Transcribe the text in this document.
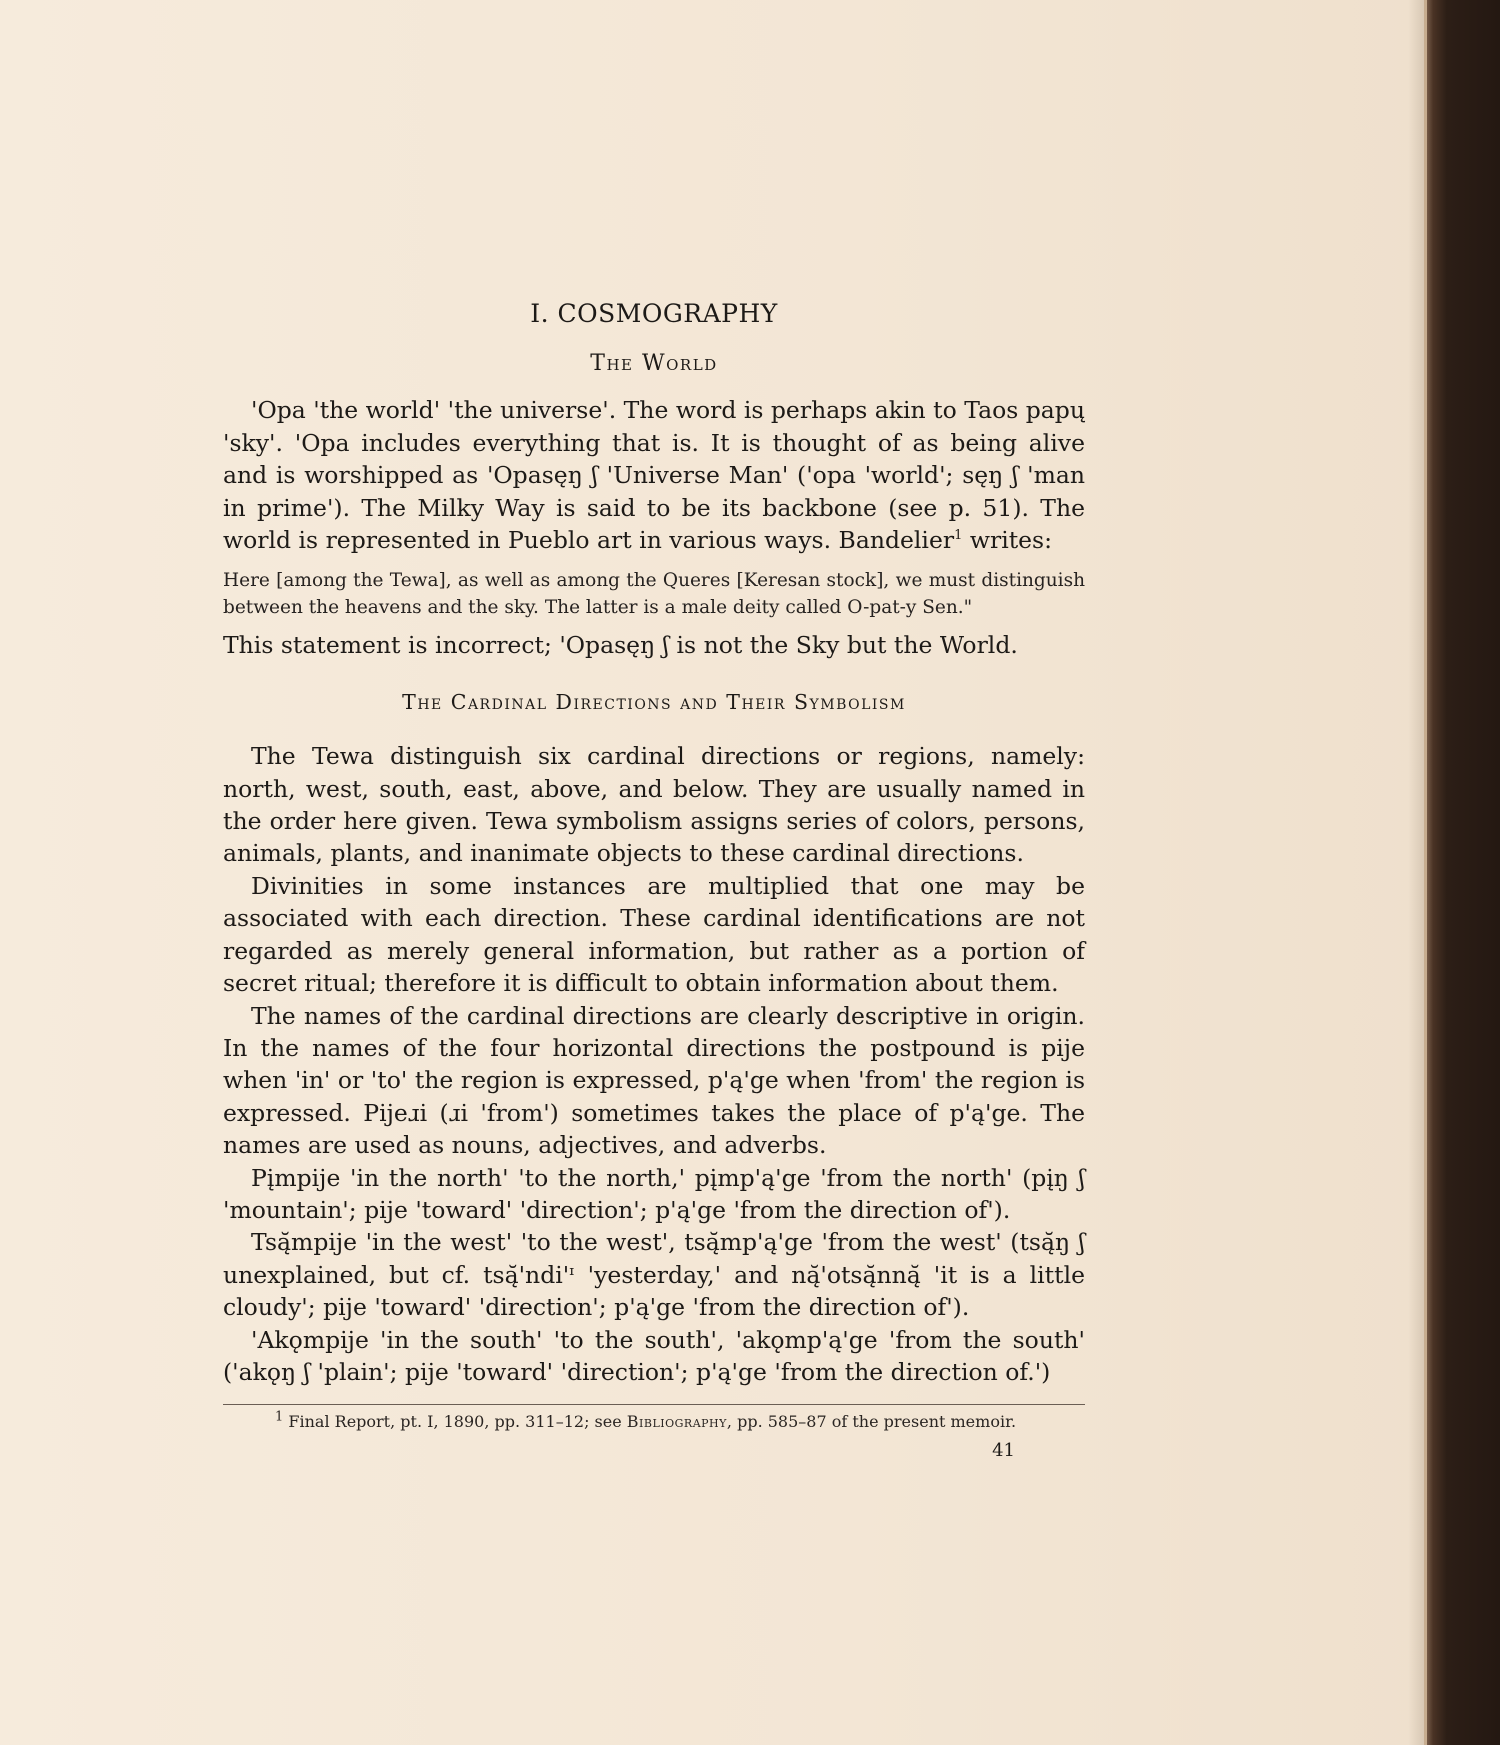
I. COSMOGRAPHY
The World

'Opa 'the world' 'the universe'. The word is perhaps akin to Taos papų 'sky'. 'Opa includes everything that is. It is thought of as being alive and is worshipped as 'Opasęŋ ʃ 'Universe Man' ('opa 'world'; sęŋ ʃ 'man in prime'). The Milky Way is said to be its backbone (see p. 51). The world is represented in Pueblo art in various ways. Bandelier$^1$ writes:

Here [among the Tewa], as well as among the Queres [Keresan stock], we must distinguish between the heavens and the sky. The latter is a male deity called O-pat-y Sen."

This statement is incorrect; 'Opasęŋ ʃ is not the Sky but the World.

The Cardinal Directions and Their Symbolism

The Tewa distinguish six cardinal directions or regions, namely: north, west, south, east, above, and below. They are usually named in the order here given. Tewa symbolism assigns series of colors, persons, animals, plants, and inanimate objects to these cardinal directions.

Divinities in some instances are multiplied that one may be associated with each direction. These cardinal identifications are not regarded as merely general information, but rather as a portion of secret ritual; therefore it is difficult to obtain information about them.

The names of the cardinal directions are clearly descriptive in origin. In the names of the four horizontal directions the postpound is pije when 'in' or 'to' the region is expressed, p'ą'ge when 'from' the region is expressed. Pijeɹi (ɹi 'from') sometimes takes the place of p'ą'ge. The names are used as nouns, adjectives, and adverbs.

Pįmpije 'in the north' 'to the north,' pįmp'ą'ge 'from the north' (pįŋ ʃ 'mountain'; pije 'toward' 'direction'; p'ą'ge 'from the direction of').

Tsą̆mpije 'in the west' 'to the west', tsą̆mp'ą'ge 'from the west' (tsą̆ŋ ʃ unexplained, but cf. tsą̆'ndi'ᶦ 'yesterday,' and ną̆'otsą̆nną̆ 'it is a little cloudy'; pije 'toward' 'direction'; p'ą'ge 'from the direction of').

'Akǫmpije 'in the south' 'to the south', 'akǫmp'ą'ge 'from the south' ('akǫŋ ʃ 'plain'; pije 'toward' 'direction'; p'ą'ge 'from the direction of.')

$^1$ Final Report, pt. I, 1890, pp. 311–12; see Bibliography, pp. 585–87 of the present memoir.
41
